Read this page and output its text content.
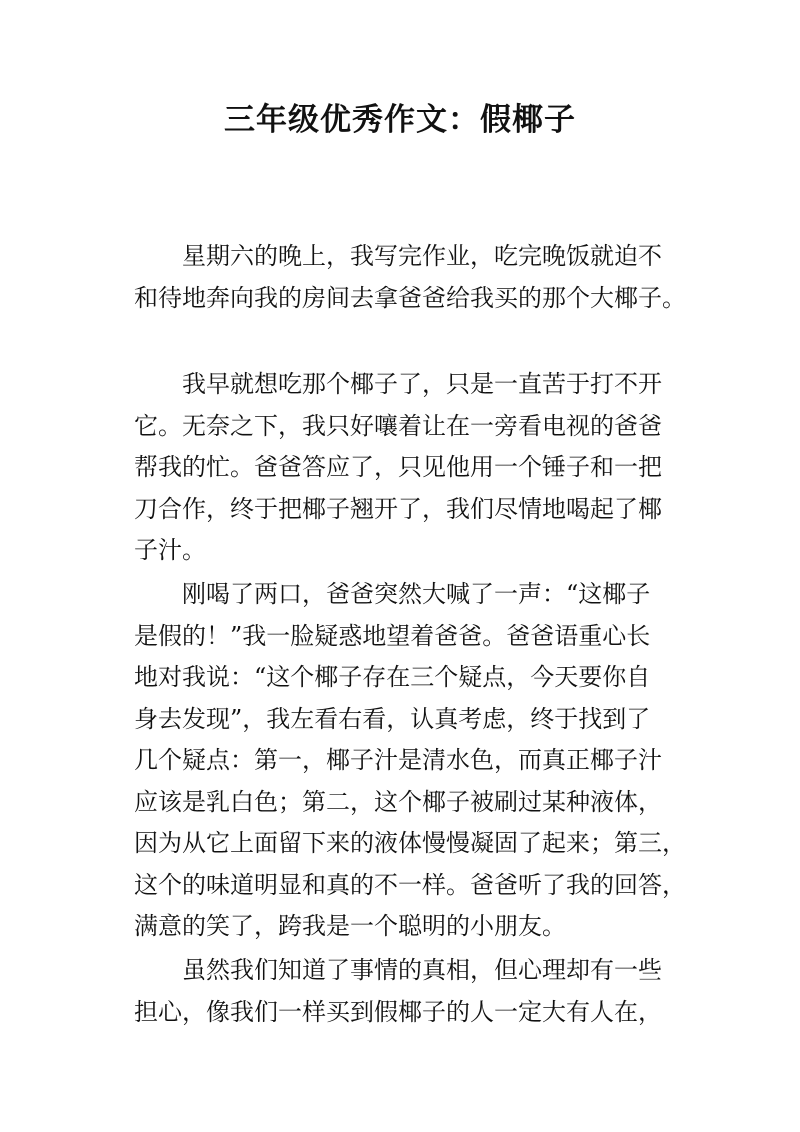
三年级优秀作文：假椰子
星期六的晚上，我写完作业，吃完晚饭就迫不
和待地奔向我的房间去拿爸爸给我买的那个大椰子。
我早就想吃那个椰子了，只是一直苦于打不开
它。无奈之下，我只好嚷着让在一旁看电视的爸爸
帮我的忙。爸爸答应了，只见他用一个锤子和一把
刀合作，终于把椰子翘开了，我们尽情地喝起了椰
子汁。
刚喝了两口，爸爸突然大喊了一声：“这椰子
是假的！”我一脸疑惑地望着爸爸。爸爸语重心长
地对我说：“这个椰子存在三个疑点，今天要你自
身去发现”，我左看右看，认真考虑，终于找到了
几个疑点：第一，椰子汁是清水色，而真正椰子汁
应该是乳白色；第二，这个椰子被刷过某种液体，
因为从它上面留下来的液体慢慢凝固了起来；第三，
这个的味道明显和真的不一样。爸爸听了我的回答，
满意的笑了，跨我是一个聪明的小朋友。
虽然我们知道了事情的真相，但心理却有一些
担心，像我们一样买到假椰子的人一定大有人在，
